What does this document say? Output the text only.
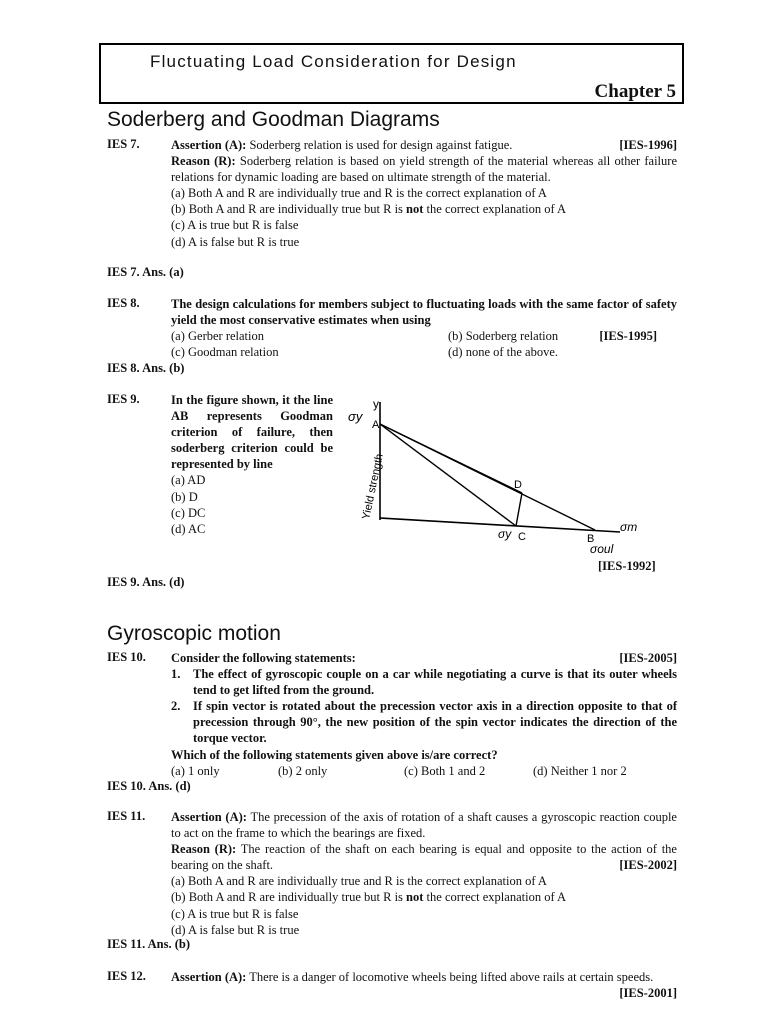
Fluctuating Load Consideration for Design
Chapter 5
Soderberg and Goodman Diagrams
IES 7.	Assertion (A): Soderberg relation is used for design against fatigue.	[IES-1996]
Reason (R): Soderberg relation is based on yield strength of the material whereas all other failure relations for dynamic loading are based on ultimate strength of the material.
(a) Both A and R are individually true and R is the correct explanation of A
(b) Both A and R are individually true but R is not the correct explanation of A
(c) A is true but R is false
(d) A is false but R is true
IES 7. Ans. (a)
IES 8.	The design calculations for members subject to fluctuating loads with the same factor of safety yield the most conservative estimates when using
(a) Gerber relation	(b) Soderberg relation	[IES-1995]
(c) Goodman relation	(d) none of the above.
IES 8. Ans. (b)
IES 9.	In the figure shown, it the line AB represents Goodman criterion of failure, then soderberg criterion could be represented by line
(a) AD
(b) D
(c) DC
(d) AC
y
σy
A
D
C	B
σy	σm
σoul
Yield strength
[IES-1992]
IES 9. Ans. (d)
Gyroscopic motion
IES 10. Consider the following statements:	[IES-2005]
1. The effect of gyroscopic couple on a car while negotiating a curve is that its outer wheels tend to get lifted from the ground.
2. If spin vector is rotated about the precession vector axis in a direction opposite to that of precession through 90°, the new position of the spin vector indicates the direction of the torque vector.
Which of the following statements given above is/are correct?
(a) 1 only	(b) 2 only	(c) Both 1 and 2	(d) Neither 1 nor 2
IES 10. Ans. (d)
IES 11. Assertion (A): The precession of the axis of rotation of a shaft causes a gyroscopic reaction couple to act on the frame to which the bearings are fixed.
Reason (R): The reaction of the shaft on each bearing is equal and opposite to the action of the bearing on the shaft.	[IES-2002]
(a) Both A and R are individually true and R is the correct explanation of A
(b) Both A and R are individually true but R is not the correct explanation of A
(c) A is true but R is false
(d) A is false but R is true
IES 11. Ans. (b)
IES 12. Assertion (A): There is a danger of locomotive wheels being lifted above rails at certain speeds.
[IES-2001]
